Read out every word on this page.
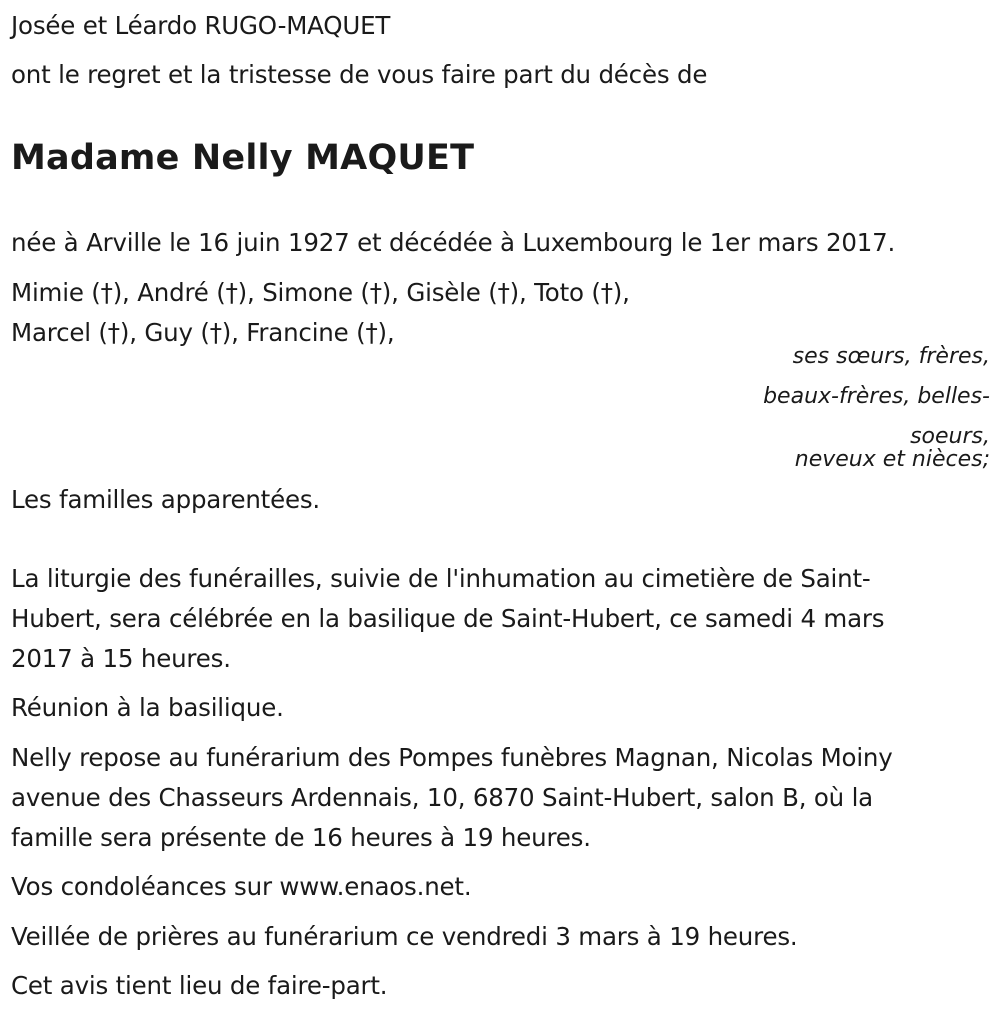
Josée et Léardo RUGO-MAQUET
ont le regret et la tristesse de vous faire part du décès de
Madame Nelly MAQUET
née à Arville le 16 juin 1927 et décédée à Luxembourg le 1er mars 2017.
Mimie (†), André (†), Simone (†), Gisèle (†), Toto (†),
Marcel (†), Guy (†), Francine (†),
ses sœurs, frères,
beaux-frères, belles-
soeurs,
neveux et nièces;
Les familles apparentées.
La liturgie des funérailles, suivie de l'inhumation au cimetière de Saint-
Hubert, sera célébrée en la basilique de Saint-Hubert, ce samedi 4 mars
2017 à 15 heures.
Réunion à la basilique.
Nelly repose au funérarium des Pompes funèbres Magnan, Nicolas Moiny
avenue des Chasseurs Ardennais, 10, 6870 Saint-Hubert, salon B, où la
famille sera présente de 16 heures à 19 heures.
Vos condoléances sur www.enaos.net.
Veillée de prières au funérarium ce vendredi 3 mars à 19 heures.
Cet avis tient lieu de faire-part.
